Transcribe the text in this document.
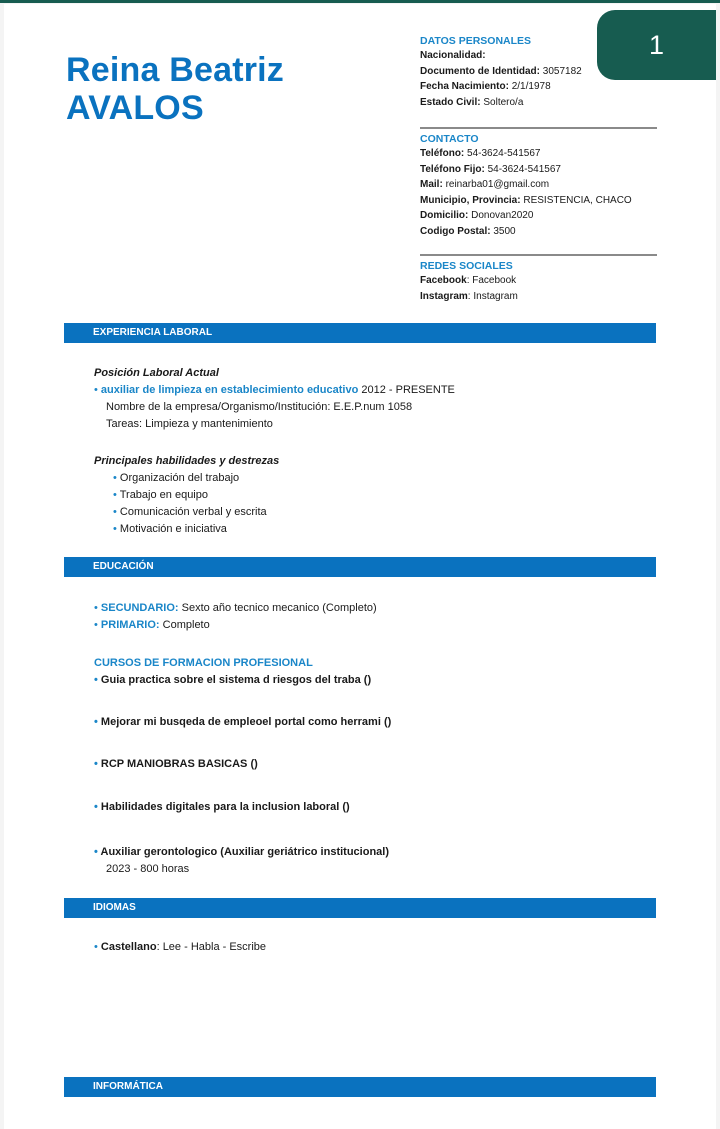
Reina Beatriz
AVALOS
DATOS PERSONALES
Nacionalidad:
Documento de Identidad: 3057182
Fecha Nacimiento: 2/1/1978
Estado Civil: Soltero/a
CONTACTO
Teléfono: 54-3624-541567
Teléfono Fijo: 54-3624-541567
Mail: reinarba01@gmail.com
Municipio, Provincia: RESISTENCIA, CHACO
Domicilio: Donovan2020
Codigo Postal: 3500
REDES SOCIALES
Facebook: Facebook
Instagram: Instagram
EXPERIENCIA LABORAL
Posición Laboral Actual
• auxiliar de limpieza en establecimiento educativo 2012 - PRESENTE
Nombre de la empresa/Organismo/Institución: E.E.P.num 1058
Tareas: Limpieza y mantenimiento
Principales habilidades y destrezas
• Organización del trabajo
• Trabajo en equipo
• Comunicación verbal y escrita
• Motivación e iniciativa
EDUCACIÓN
• SECUNDARIO: Sexto año tecnico mecanico (Completo)
• PRIMARIO: Completo
CURSOS DE FORMACION PROFESIONAL
• Guia practica sobre el sistema d riesgos del traba ()
• Mejorar mi busqeda de empleoel portal como herrami ()
• RCP MANIOBRAS BASICAS ()
• Habilidades digitales para la inclusion laboral ()
• Auxiliar gerontologico (Auxiliar geriátrico institucional)
2023 - 800 horas
IDIOMAS
• Castellano: Lee - Habla - Escribe
INFORMÁTICA
1
